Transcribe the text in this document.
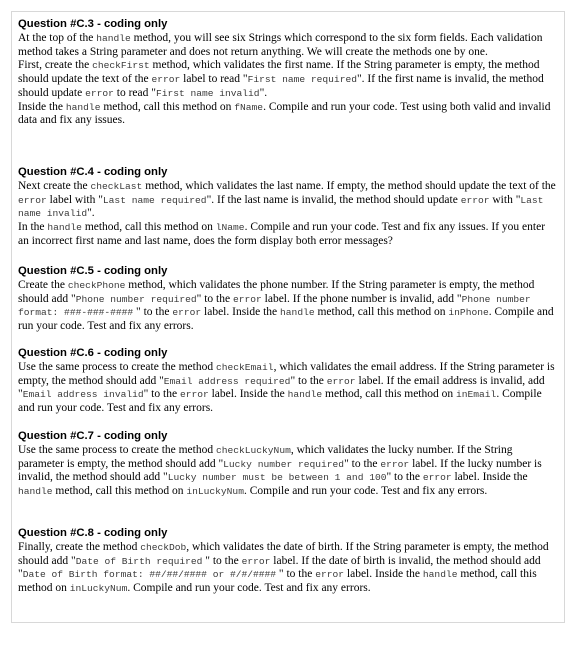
Question #C.3 - coding only

At the top of the handle method, you will see six Strings which correspond to the six form fields. Each validation method takes a String parameter and does not return anything. We will create the methods one by one.

First, create the checkFirst method, which validates the first name. If the String parameter is empty, the method should update the text of the error label to read "First name required". If the first name is invalid, the method should update error to read "First name invalid".

Inside the handle method, call this method on fName. Compile and run your code. Test using both valid and invalid data and fix any issues.

Question #C.4 - coding only

Next create the checkLast method, which validates the last name. If empty, the method should update the text of the error label with "Last name required". If the last name is invalid, the method should update error with "Last name invalid".

In the handle method, call this method on lName. Compile and run your code. Test and fix any issues. If you enter an incorrect first name and last name, does the form display both error messages?

Question #C.5 - coding only

Create the checkPhone method, which validates the phone number. If the String parameter is empty, the method should add "Phone number required" to the error label. If the phone number is invalid, add "Phone number format: ###-###-#### " to the error label. Inside the handle method, call this method on inPhone. Compile and run your code. Test and fix any errors.

Question #C.6 - coding only

Use the same process to create the method checkEmail, which validates the email address. If the String parameter is empty, the method should add "Email address required" to the error label. If the email address is invalid, add "Email address invalid" to the error label. Inside the handle method, call this method on inEmail. Compile and run your code. Test and fix any errors.

Question #C.7 - coding only

Use the same process to create the method checkLuckyNum, which validates the lucky number. If the String parameter is empty, the method should add "Lucky number required" to the error label. If the lucky number is invalid, the method should add "Lucky number must be between 1 and 100" to the error label. Inside the handle method, call this method on inLuckyNum. Compile and run your code. Test and fix any errors.

Question #C.8 - coding only

Finally, create the method checkDob, which validates the date of birth. If the String parameter is empty, the method should add "Date of Birth required " to the error label. If the date of birth is invalid, the method should add "Date of Birth format: ##/##/#### or #/#/#### " to the error label. Inside the handle method, call this method on inLuckyNum. Compile and run your code. Test and fix any errors.
